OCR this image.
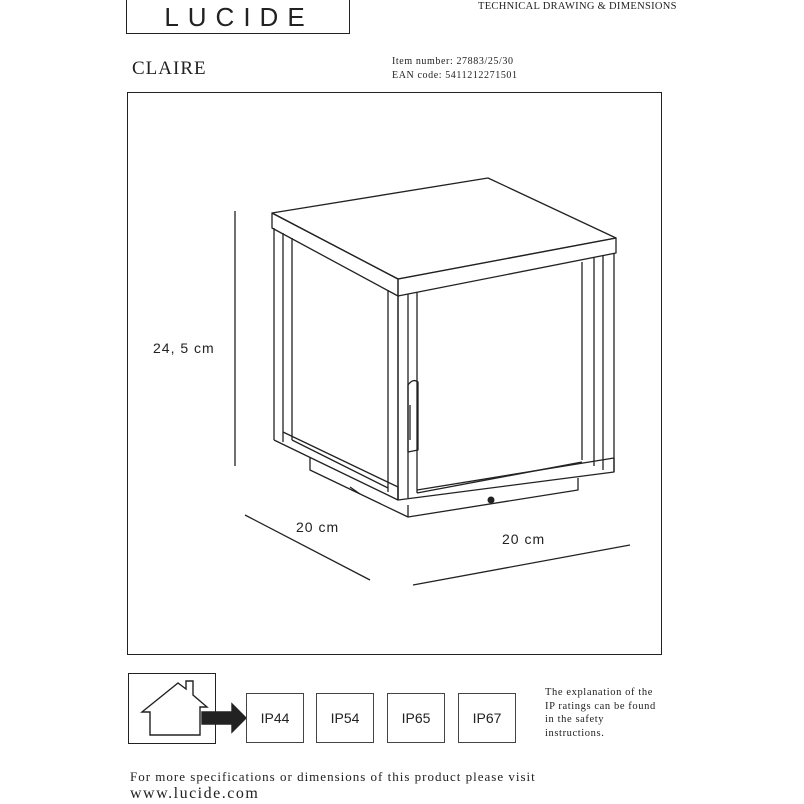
LUCIDE	TECHNICAL DRAWING & DIMENSIONS
CLAIRE	Item number: 27883/25/30
EAN code: 5411212271501
24, 5 cm
20 cm
20 cm
IP44	IP54	IP65	IP67
The explanation of the
IP ratings can be found
in the safety
instructions.
For more specifications or dimensions of this product please visit
www.lucide.com
